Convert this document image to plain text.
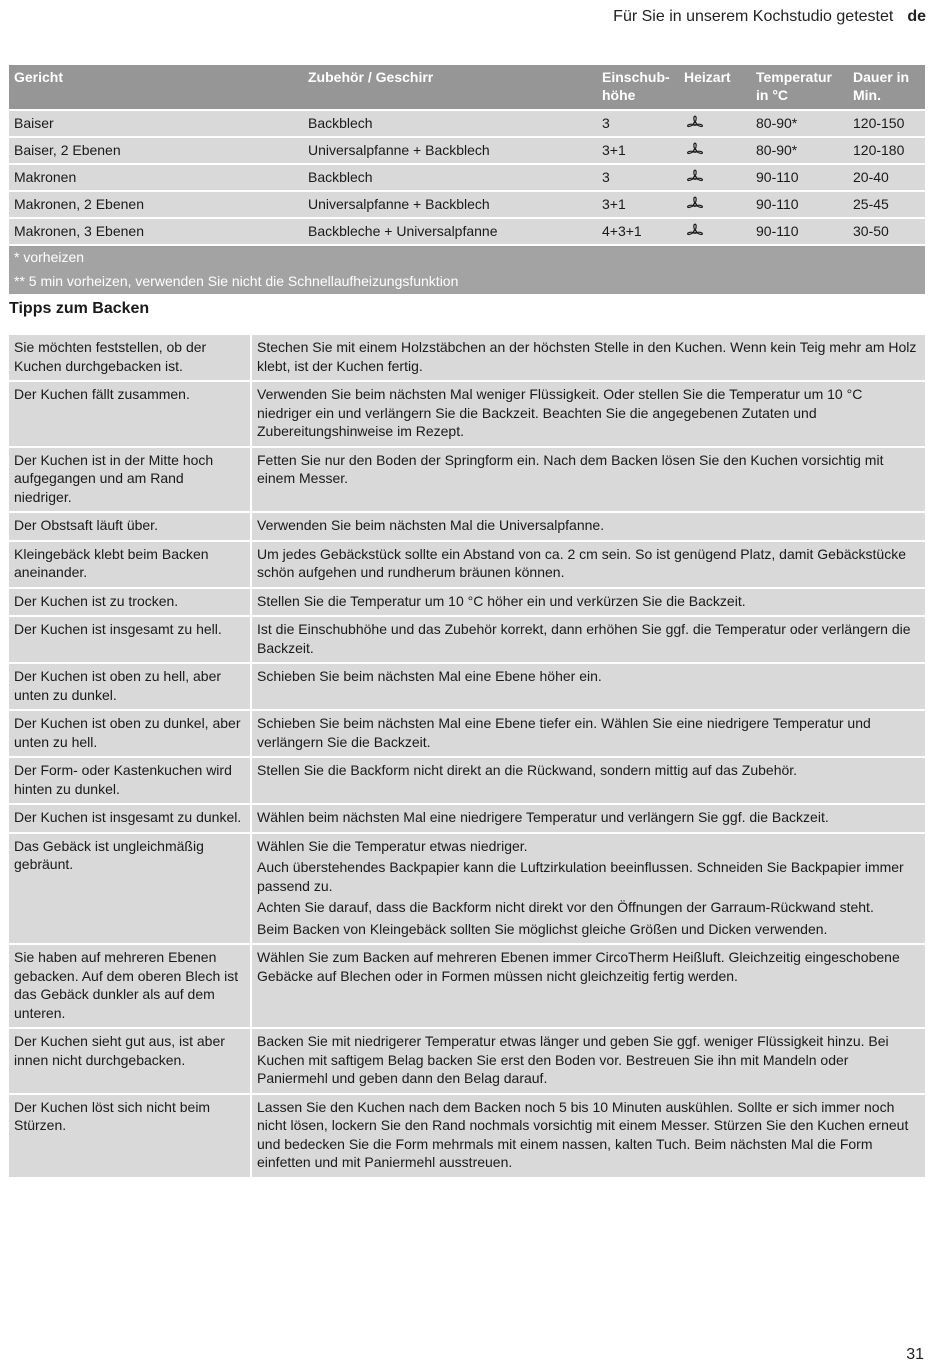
Für Sie in unserem Kochstudio getestet de
Gericht	Zubehör / Geschirr	Einschub-höhe	Heizart	Temperatur in °C	Dauer in Min.
Baiser	Backblech	3		80-90*	120-150
Baiser, 2 Ebenen	Universalpfanne + Backblech	3+1		80-90*	120-180
Makronen	Backblech	3		90-110	20-40
Makronen, 2 Ebenen	Universalpfanne + Backblech	3+1		90-110	25-45
Makronen, 3 Ebenen	Backbleche + Universalpfanne	4+3+1		90-110	30-50
* vorheizen					
** 5 min vorheizen, verwenden Sie nicht die Schnellaufheizungsfunktion					
Tipps zum Backen
Sie möchten feststellen, ob der Kuchen durchgebacken ist.	Stechen Sie mit einem Holzstäbchen an der höchsten Stelle in den Kuchen. Wenn kein Teig mehr am Holz klebt, ist der Kuchen fertig.

Der Kuchen fällt zusammen.	Verwenden Sie beim nächsten Mal weniger Flüssigkeit. Oder stellen Sie die Temperatur um 10 °C niedriger ein und verlängern Sie die Backzeit. Beachten Sie die angegebenen Zutaten und Zubereitungshinweise im Rezept.

Der Kuchen ist in der Mitte hoch aufgegangen und am Rand niedriger.	Fetten Sie nur den Boden der Springform ein. Nach dem Backen lösen Sie den Kuchen vorsichtig mit einem Messer.

Der Obstsaft läuft über.	Verwenden Sie beim nächsten Mal die Universalpfanne.

Kleingebäck klebt beim Backen aneinander.	Um jedes Gebäckstück sollte ein Abstand von ca. 2 cm sein. So ist genügend Platz, damit Gebäckstücke schön aufgehen und rundherum bräunen können.

Der Kuchen ist zu trocken.	Stellen Sie die Temperatur um 10 °C höher ein und verkürzen Sie die Backzeit.

Der Kuchen ist insgesamt zu hell.	Ist die Einschubhöhe und das Zubehör korrekt, dann erhöhen Sie ggf. die Temperatur oder verlängern die Backzeit.

Der Kuchen ist oben zu hell, aber unten zu dunkel.	Schieben Sie beim nächsten Mal eine Ebene höher ein.

Der Kuchen ist oben zu dunkel, aber unten zu hell.	Schieben Sie beim nächsten Mal eine Ebene tiefer ein. Wählen Sie eine niedrigere Temperatur und verlängern Sie die Backzeit.

Der Form- oder Kastenkuchen wird hinten zu dunkel.	Stellen Sie die Backform nicht direkt an die Rückwand, sondern mittig auf das Zubehör.

Der Kuchen ist insgesamt zu dunkel.	Wählen beim nächsten Mal eine niedrigere Temperatur und verlängern Sie ggf. die Backzeit.

Das Gebäck ist ungleichmäßig gebräunt.	Wählen Sie die Temperatur etwas niedriger.

Auch überstehendes Backpapier kann die Luftzirkulation beeinflussen. Schneiden Sie Backpapier immer passend zu.

Achten Sie darauf, dass die Backform nicht direkt vor den Öffnungen der Garraum-Rückwand steht.

Beim Backen von Kleingebäck sollten Sie möglichst gleiche Größen und Dicken verwenden.

Sie haben auf mehreren Ebenen gebacken. Auf dem oberen Blech ist das Gebäck dunkler als auf dem unteren.	Wählen Sie zum Backen auf mehreren Ebenen immer CircoTherm Heißluft. Gleichzeitig eingeschobene Gebäcke auf Blechen oder in Formen müssen nicht gleichzeitig fertig werden.

Der Kuchen sieht gut aus, ist aber innen nicht durchgebacken.	Backen Sie mit niedrigerer Temperatur etwas länger und geben Sie ggf. weniger Flüssigkeit hinzu. Bei Kuchen mit saftigem Belag backen Sie erst den Boden vor. Bestreuen Sie ihn mit Mandeln oder Paniermehl und geben dann den Belag darauf.

Der Kuchen löst sich nicht beim Stürzen.	Lassen Sie den Kuchen nach dem Backen noch 5 bis 10 Minuten auskühlen. Sollte er sich immer noch nicht lösen, lockern Sie den Rand nochmals vorsichtig mit einem Messer. Stürzen Sie den Kuchen erneut und bedecken Sie die Form mehrmals mit einem nassen, kalten Tuch. Beim nächsten Mal die Form einfetten und mit Paniermehl ausstreuen.

31
